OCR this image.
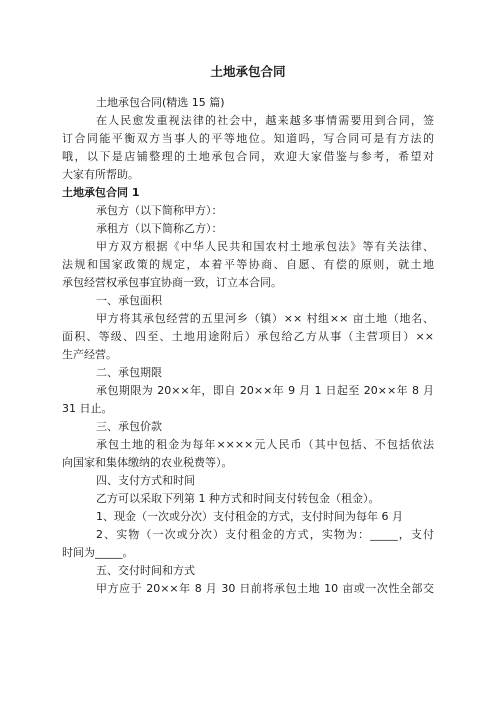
土地承包合同
土地承包合同(精选 15 篇)
在人民愈发重视法律的社会中，越来越多事情需要用到合同，签
订合同能平衡双方当事人的平等地位。知道吗，写合同可是有方法的
哦，以下是店铺整理的土地承包合同，欢迎大家借鉴与参考，希望对
大家有所帮助。
土地承包合同 1
承包方（以下简称甲方）：
承租方（以下简称乙方）：
甲方双方根据《中华人民共和国农村土地承包法》等有关法律、
法规和国家政策的规定，本着平等协商、自愿、有偿的原则，就土地
承包经营权承包事宜协商一致，订立本合同。
一、承包面积
甲方将其承包经营的五里河乡（镇）×× 村组×× 亩土地（地名、
面积、等级、四至、土地用途附后）承包给乙方从事（主营项目）××
生产经营。
二、承包期限
承包期限为 20××年，即自 20××年 9 月 1 日起至 20××年 8 月
31 日止。
三、承包价款
承包土地的租金为每年××××元人民币（其中包括、不包括依法
向国家和集体缴纳的农业税费等）。
四、支付方式和时间
乙方可以采取下列第 1 种方式和时间支付转包金（租金）。
1、现金（一次或分次）支付租金的方式，支付时间为每年 6 月
2、实物（一次或分次）支付租金的方式，实物为：_____，支付
时间为_____。
五、交付时间和方式
甲方应于 20××年 8 月 30 日前将承包土地 10 亩或一次性全部交
